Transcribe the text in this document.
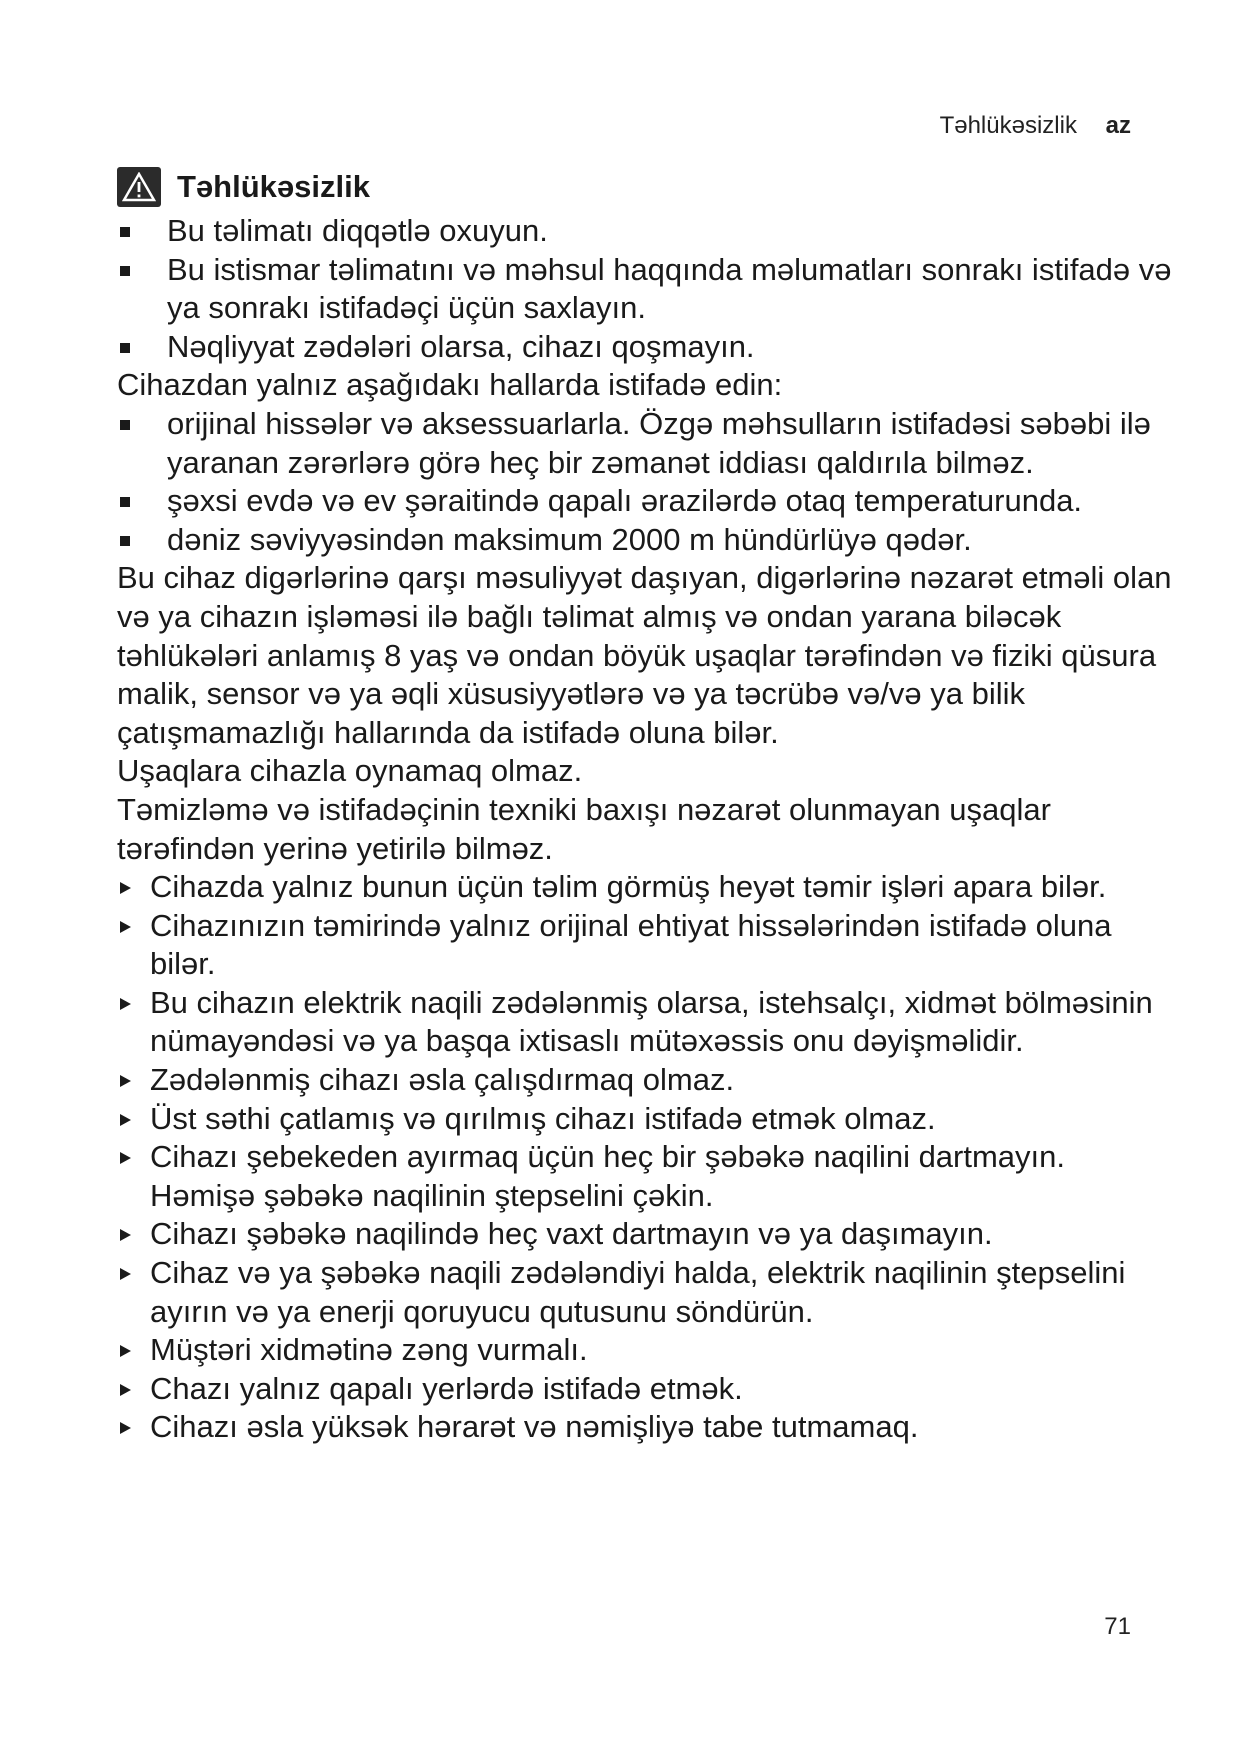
Təhlükəsizlik az
Təhlükəsizlik
Bu təlimatı diqqətlə oxuyun.
Bu istismar təlimatını və məhsul haqqında məlumatları sonrakı istifadə və ya sonrakı istifadəçi üçün saxlayın.
Nəqliyyat zədələri olarsa, cihazı qoşmayın.
Cihazdan yalnız aşağıdakı hallarda istifadə edin:
orijinal hissələr və aksessuarlarla. Özgə məhsulların istifadəsi səbəbi ilə yaranan zərərlərə görə heç bir zəmanət iddiası qaldırıla bilməz.
şəxsi evdə və ev şəraitində qapalı ərazilərdə otaq temperaturunda.
dəniz səviyyəsindən maksimum 2000 m hündürlüyə qədər.
Bu cihaz digərlərinə qarşı məsuliyyət daşıyan, digərlərinə nəzarət etməli olan və ya cihazın işləməsi ilə bağlı təlimat almış və ondan yarana biləcək təhlükələri anlamış 8 yaş və ondan böyük uşaqlar tərəfindən və fiziki qüsura malik, sensor və ya əqli xüsusiyyətlərə və ya təcrübə və/və ya bilik çatışmamazlığı hallarında da istifadə oluna bilər.
Uşaqlara cihazla oynamaq olmaz.
Təmizləmə və istifadəçinin texniki baxışı nəzarət olunmayan uşaqlar tərəfindən yerinə yetirilə bilməz.
Cihazda yalnız bunun üçün təlim görmüş heyət təmir işləri apara bilər.
Cihazınızın təmirində yalnız orijinal ehtiyat hissələrindən istifadə oluna bilər.
Bu cihazın elektrik naqili zədələnmiş olarsa, istehsalçı, xidmət bölməsinin nümayəndəsi və ya başqa ixtisaslı mütəxəssis onu dəyişməlidir.
Zədələnmiş cihazı əsla çalışdırmaq olmaz.
Üst səthi çatlamış və qırılmış cihazı istifadə etmək olmaz.
Cihazı şebekeden ayırmaq üçün heç bir şəbəkə naqilini dartmayın. Həmişə şəbəkə naqilinin ştepselini çəkin.
Cihazı şəbəkə naqilində heç vaxt dartmayın və ya daşımayın.
Cihaz və ya şəbəkə naqili zədələndiyi halda, elektrik naqilinin ştepselini ayırın və ya enerji qoruyucu qutusunu söndürün.
Müştəri xidmətinə zəng vurmalı.
Chazı yalnız qapalı yerlərdə istifadə etmək.
Cihazı əsla yüksək hərarət və nəmişliyə tabe tutmamaq.
71
